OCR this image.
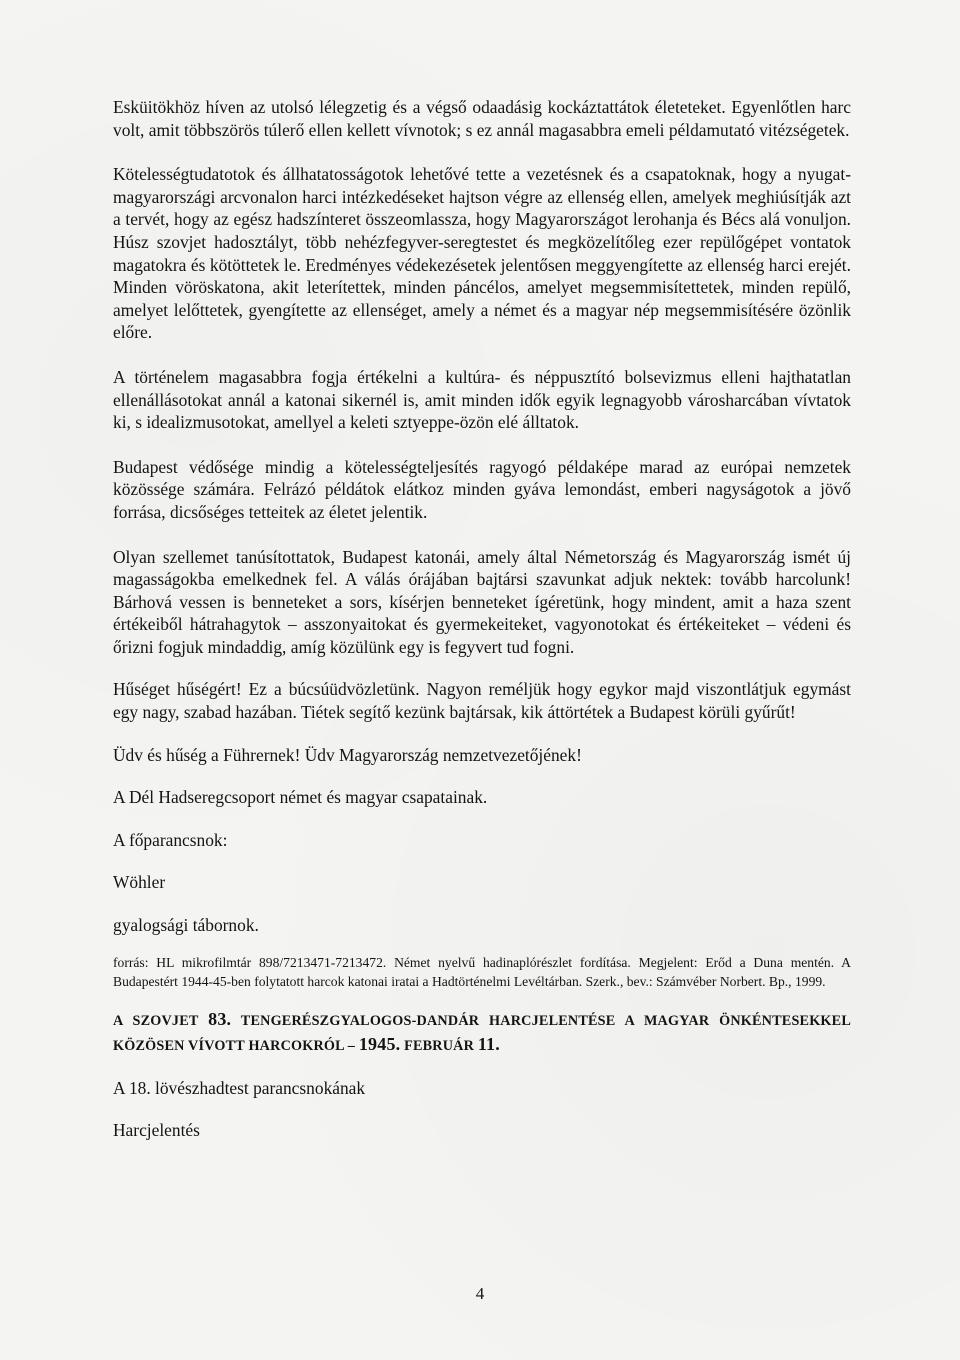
Esküitökhöz híven az utolsó lélegzetig és a végső odaadásig kockáztattátok életeteket. Egyenlőtlen harc volt, amit többszörös túlerő ellen kellett vívnotok; s ez annál magasabbra emeli példamutató vitézségetek.

Kötelességtudatotok és állhatatosságotok lehetővé tette a vezetésnek és a csapatoknak, hogy a nyugat-magyarországi arcvonalon harci intézkedéseket hajtson végre az ellenség ellen, amelyek meghiúsítják azt a tervét, hogy az egész hadszínteret összeomlassza, hogy Magyarországot lerohanja és Bécs alá vonuljon. Húsz szovjet hadosztályt, több nehézfegyver-seregtestet és megközelítőleg ezer repülőgépet vontatok magatokra és kötöttetek le. Eredményes védekezésetek jelentősen meggyengítette az ellenség harci erejét. Minden vöröskatona, akit leterítettek, minden páncélos, amelyet megsemmisítettetek, minden repülő, amelyet lelőttetek, gyengítette az ellenséget, amely a német és a magyar nép megsemmisítésére özönlik előre.

A történelem magasabbra fogja értékelni a kultúra- és néppusztító bolsevizmus elleni hajthatatlan ellenállásotokat annál a katonai sikernél is, amit minden idők egyik legnagyobb városharcában vívtatok ki, s idealizmusotokat, amellyel a keleti sztyeppe-özön elé álltatok.

Budapest védősége mindig a kötelességteljesítés ragyogó példaképe marad az európai nemzetek közössége számára. Felrázó példátok elátkoz minden gyáva lemondást, emberi nagyságotok a jövő forrása, dicsőséges tetteitek az életet jelentik.

Olyan szellemet tanúsítottatok, Budapest katonái, amely által Németország és Magyarország ismét új magasságokba emelkednek fel. A válás órájában bajtársi szavunkat adjuk nektek: tovább harcolunk! Bárhová vessen is benneteket a sors, kísérjen benneteket ígéretünk, hogy mindent, amit a haza szent értékeiből hátrahagytok – asszonyaitokat és gyermekeiteket, vagyonotokat és értékeiteket – védeni és őrizni fogjuk mindaddig, amíg közülünk egy is fegyvert tud fogni.

Hűséget hűségért! Ez a búcsúüdvözletünk. Nagyon reméljük hogy egykor majd viszontlátjuk egymást egy nagy, szabad hazában. Tiétek segítő kezünk bajtársak, kik áttörtétek a Budapest körüli gyűrűt!

Üdv és hűség a Führernek! Üdv Magyarország nemzetvezetőjének!

A Dél Hadseregcsoport német és magyar csapatainak.

A főparancsnok:

Wöhler

gyalogsági tábornok.

forrás: HL mikrofilmtár 898/7213471-7213472. Német nyelvű hadinaplórészlet fordítása. Megjelent: Erőd a Duna mentén. A Budapestért 1944-45-ben folytatott harcok katonai iratai a Hadtörténelmi Levéltárban. Szerk., bev.: Számvéber Norbert. Bp., 1999.

A SZOVJET 83. TENGERÉSZGYALOGOS-DANDÁR HARCJELENTÉSE A MAGYAR ÖNKÉNTESEKKEL KÖZÖSEN VÍVOTT HARCOKRÓL – 1945. FEBRUÁR 11.

A 18. lövészhadtest parancsnokának

Harcjelentés

4
